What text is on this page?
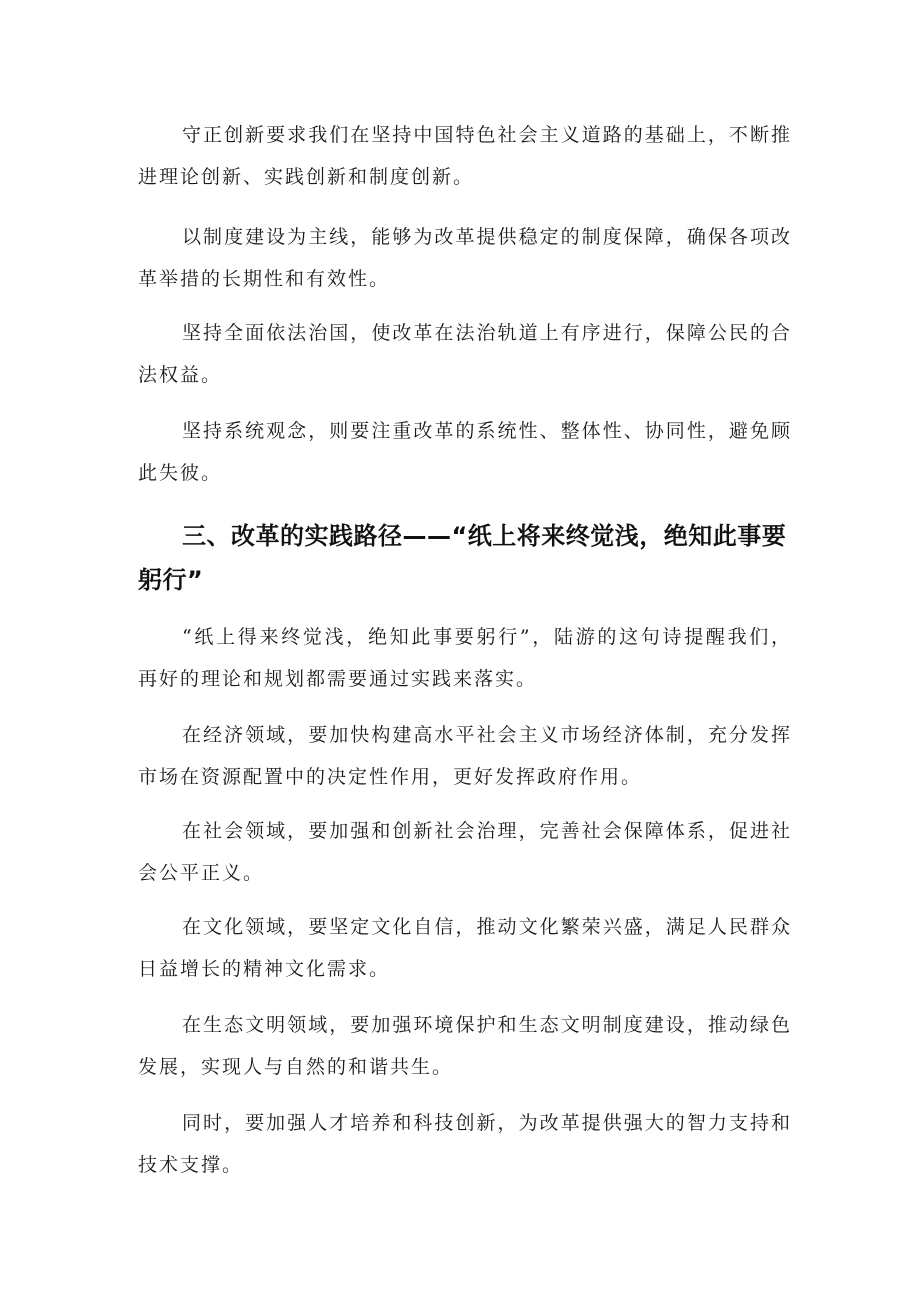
守正创新要求我们在坚持中国特色社会主义道路的基础上，不断推进理论创新、实践创新和制度创新。

以制度建设为主线，能够为改革提供稳定的制度保障，确保各项改革举措的长期性和有效性。

坚持全面依法治国，使改革在法治轨道上有序进行，保障公民的合法权益。

坚持系统观念，则要注重改革的系统性、整体性、协同性，避免顾此失彼。

三、改革的实践路径——“纸上将来终觉浅，绝知此事要躬行”

“纸上得来终觉浅，绝知此事要躬行”，陆游的这句诗提醒我们，再好的理论和规划都需要通过实践来落实。

在经济领域，要加快构建高水平社会主义市场经济体制，充分发挥市场在资源配置中的决定性作用，更好发挥政府作用。

在社会领域，要加强和创新社会治理，完善社会保障体系，促进社会公平正义。

在文化领域，要坚定文化自信，推动文化繁荣兴盛，满足人民群众日益增长的精神文化需求。

在生态文明领域，要加强环境保护和生态文明制度建设，推动绿色发展，实现人与自然的和谐共生。

同时，要加强人才培养和科技创新，为改革提供强大的智力支持和技术支撑。
